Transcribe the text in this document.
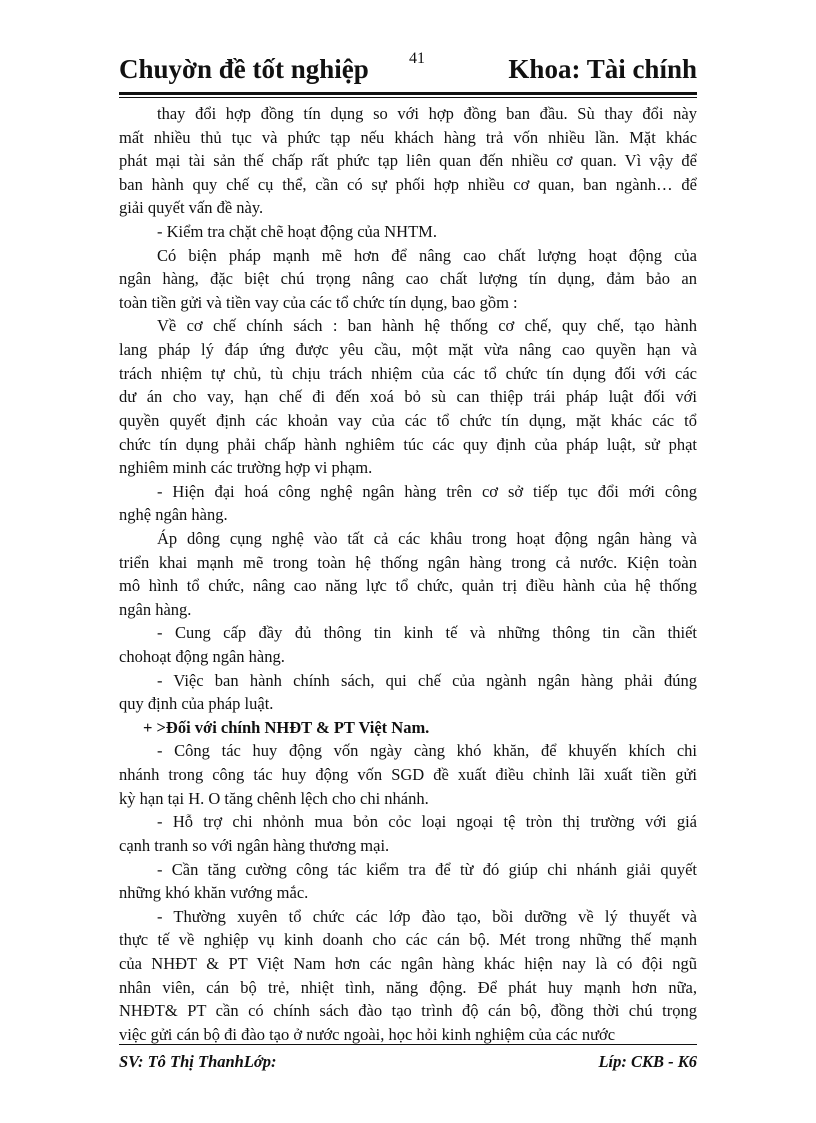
Chuyờn đề tốt nghiệp	41	Khoa: Tài chính
thay đổi hợp đồng tín dụng so với hợp đồng ban đầu. Sù thay đổi này
mất nhiều thủ tục và phức tạp nếu khách hàng trả vốn nhiều lần. Mặt khác
phát mại tài sản thế chấp rất phức tạp liên quan đến nhiều cơ quan. Vì vậy để
ban hành quy chế cụ thể, cần có sự phối hợp nhiều cơ quan, ban ngành… để
giải quyết vấn đề này.
- Kiểm tra chặt chẽ hoạt động của NHTM.
Có biện pháp mạnh mẽ hơn để nâng cao chất lượng hoạt động của
ngân hàng, đặc biệt chú trọng nâng cao chất lượng tín dụng, đảm bảo an
toàn tiền gửi và tiền vay của các tổ chức tín dụng, bao gồm :
Về cơ chế chính sách : ban hành hệ thống cơ chế, quy chế, tạo hành
lang pháp lý đáp ứng được yêu cầu, một mặt vừa nâng cao quyền hạn và
trách nhiệm tự chủ, tù chịu trách nhiệm của các tổ chức tín dụng đối với các
dư án cho vay, hạn chế đi đến xoá bỏ sù can thiệp trái pháp luật đối với
quyền quyết định các khoản vay của các tổ chức tín dụng, mặt khác các tổ
chức tín dụng phải chấp hành nghiêm túc các quy định của pháp luật, sử phạt
nghiêm minh các trường hợp vi phạm.
- Hiện đại hoá công nghệ ngân hàng trên cơ sở tiếp tục đổi mới công
nghệ ngân hàng.
Áp dông cụng nghệ vào tất cả các khâu trong hoạt động ngân hàng và
triển khai mạnh mẽ trong toàn hệ thống ngân hàng trong cả nước. Kiện toàn
mô hình tổ chức, nâng cao năng lực tổ chức, quản trị điều hành của hệ thống
ngân hàng.
- Cung cấp đầy đủ thông tin kinh tế và những thông tin cần thiết
chohoạt động ngân hàng.
- Việc ban hành chính sách, qui chế của ngành ngân hàng phải đúng
quy định của pháp luật.
+ >Đối với chính NHĐT & PT Việt Nam.
- Công tác huy động vốn ngày càng khó khăn, để khuyến khích chi
nhánh trong công tác huy động vốn SGD đề xuất điều chỉnh lãi xuất tiền gửi
kỳ hạn tại H. O tăng chênh lệch cho chi nhánh.
- Hỗ trợ chi nhỏnh mua bỏn cỏc loại ngoại tệ tròn thị trường với giá
cạnh tranh so với ngân hàng thương mại.
- Cần tăng cường công tác kiểm tra để từ đó giúp chi nhánh giải quyết
những khó khăn vướng mắc.
- Thường xuyên tổ chức các lớp đào tạo, bồi dưỡng về lý thuyết và
thực tế về nghiệp vụ kinh doanh cho các cán bộ. Mét trong những thế mạnh
của NHĐT & PT Việt Nam hơn các ngân hàng khác hiện nay là có đội ngũ
nhân viên, cán bộ trẻ, nhiệt tình, năng động. Để phát huy mạnh hơn nữa,
NHĐT& PT cần có chính sách đào tạo trình độ cán bộ, đồng thời chú trọng
việc gửi cán bộ đi đào tạo ở nước ngoài, học hỏi kinh nghiệm của các nước
SV: Tô Thị ThanhLớp:	Líp: CKB - K6
